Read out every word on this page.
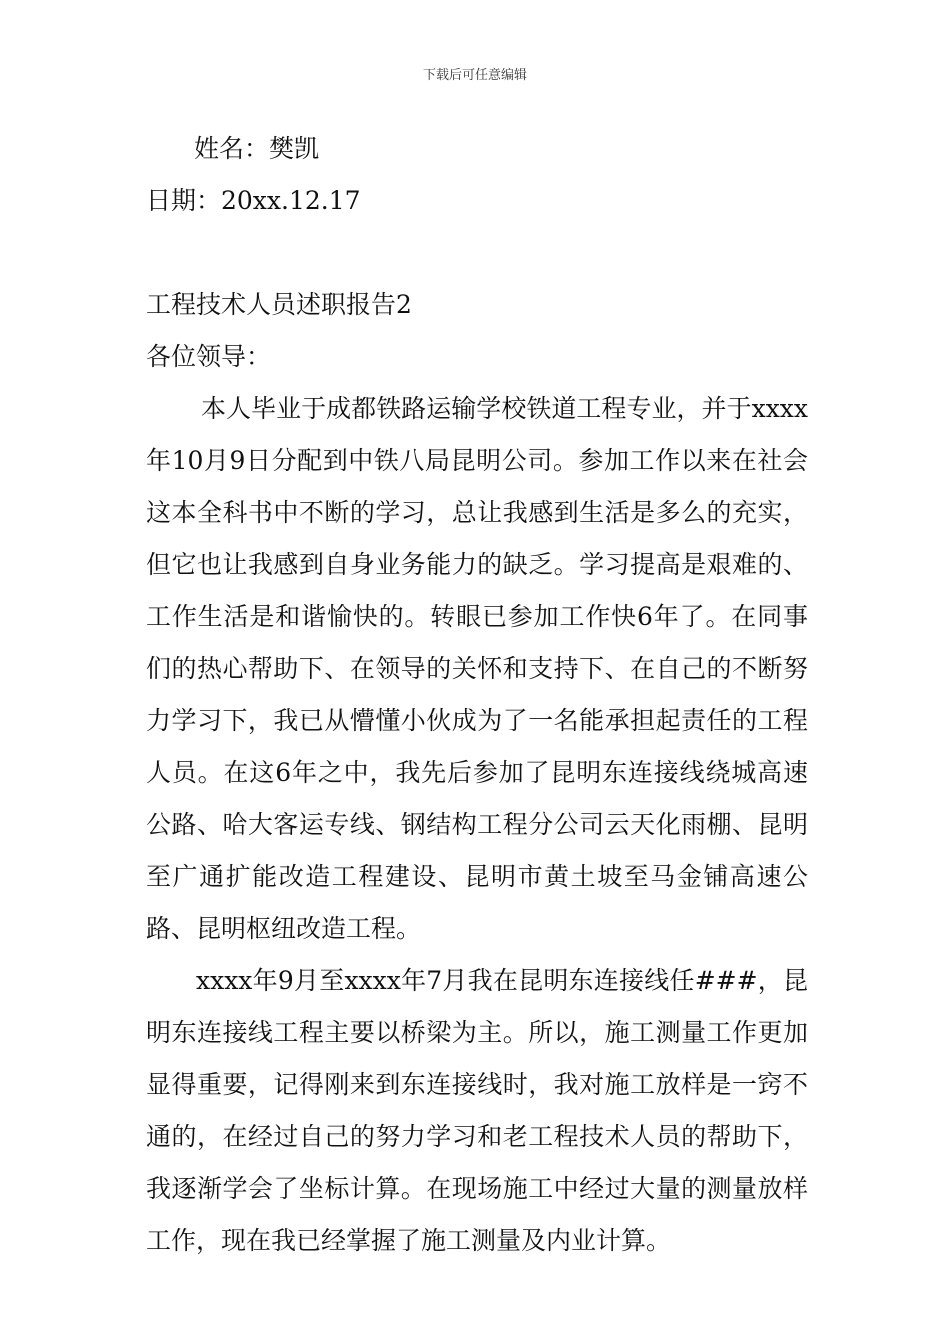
下载后可任意编辑
姓名：樊凯
日期：20xx.12.17
工程技术人员述职报告2
各位领导：

本人毕业于成都铁路运输学校铁道工程专业，并于xxxx年10月9日分配到中铁八局昆明公司。参加工作以来在社会这本全科书中不断的学习，总让我感到生活是多么的充实，但它也让我感到自身业务能力的缺乏。学习提高是艰难的、工作生活是和谐愉快的。转眼已参加工作快6年了。在同事们的热心帮助下、在领导的关怀和支持下、在自己的不断努力学习下，我已从懵懂小伙成为了一名能承担起责任的工程人员。在这6年之中，我先后参加了昆明东连接线绕城高速公路、哈大客运专线、钢结构工程分公司云天化雨棚、昆明至广通扩能改造工程建设、昆明市黄土坡至马金铺高速公路、昆明枢纽改造工程。

xxxx年9月至xxxx年7月我在昆明东连接线任###，昆明东连接线工程主要以桥梁为主。所以，施工测量工作更加显得重要，记得刚来到东连接线时，我对施工放样是一窍不通的，在经过自己的努力学习和老工程技术人员的帮助下，我逐渐学会了坐标计算。在现场施工中经过大量的测量放样工作，现在我已经掌握了施工测量及内业计算。
